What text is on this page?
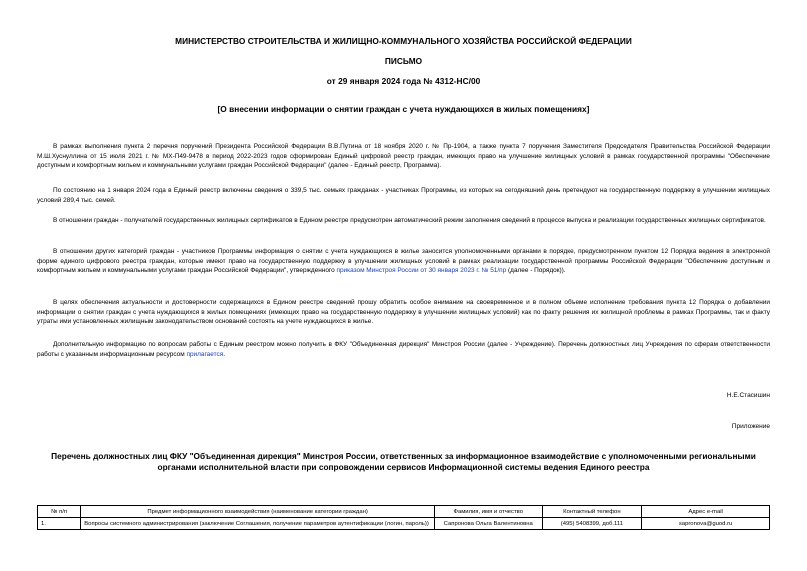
МИНИСТЕРСТВО СТРОИТЕЛЬСТВА И ЖИЛИЩНО-КОММУНАЛЬНОГО ХОЗЯЙСТВА РОССИЙСКОЙ ФЕДЕРАЦИИ
ПИСЬМО
от 29 января 2024 года № 4312-НС/00
[О внесении информации о снятии граждан с учета нуждающихся в жилых помещениях]
В рамках выполнения пункта 2 перечня поручений Президента Российской Федерации В.В.Путина от 18 ноября 2020 г. № Пр-1904, а также пункта 7 поручения Заместителя Председателя Правительства Российской Федерации М.Ш.Хуснуллина от 15 июля 2021 г. № МХ-П49-9478 в период 2022-2023 годов сформирован Единый цифровой реестр граждан, имеющих право на улучшение жилищных условий в рамках государственной программы "Обеспечение доступным и комфортным жильем и коммунальными услугами граждан Российской Федерации" (далее - Единый реестр, Программа).
По состоянию на 1 января 2024 года в Единый реестр включены сведения о 339,5 тыс. семьях гражданах - участниках Программы, из которых на сегодняшний день претендуют на государственную поддержку в улучшении жилищных условий 289,4 тыс. семей.
В отношении граждан - получателей государственных жилищных сертификатов в Едином реестре предусмотрен автоматический режим заполнения сведений в процессе выпуска и реализации государственных жилищных сертификатов.
В отношении других категорий граждан - участников Программы информация о снятии с учета нуждающихся в жилье заносится уполномоченными органами в порядке, предусмотренном пунктом 12 Порядка ведения в электронной форме единого цифрового реестра граждан, которые имеют право на государственную поддержку в улучшении жилищных условий в рамках реализации государственной программы Российской Федерации "Обеспечение доступным и комфортным жильем и коммунальными услугами граждан Российской Федерации", утвержденного приказом Минстроя России от 30 января 2023 г. № 51/пр (далее - Порядок)).
В целях обеспечения актуальности и достоверности содержащихся в Едином реестре сведений прошу обратить особое внимание на своевременное и в полном объеме исполнение требования пункта 12 Порядка о добавлении информации о снятии граждан с учета нуждающихся в жилых помещениях (имеющих право на государственную поддержку в улучшении жилищных условий) как по факту решения их жилищной проблемы в рамках Программы, так и факту утраты ими установленных жилищным законодательством оснований состоять на учете нуждающихся в жилье.
Дополнительную информацию по вопросам работы с Единым реестром можно получить в ФКУ "Объединенная дирекция" Минстроя России (далее - Учреждение). Перечень должностных лиц Учреждения по сферам ответственности работы с указанным информационным ресурсом прилагается.
Н.Е.Стасишин
Приложение
Перечень должностных лиц ФКУ "Объединенная дирекция" Минстроя России, ответственных за информационное взаимодействие с уполномоченными региональными органами исполнительной власти при сопровождении сервисов Информационной системы ведения Единого реестра
№ п/п	Предмет информационного взаимодействия (наименование категории граждан)	Фамилия, имя и отчество	Контактный телефон	Адрес e-mail
1.	Вопросы системного администрирования (заключение Соглашения, получение параметров аутентификации (логин, пароль))	Сапронова Ольга Валентиновна	(495) 5408399, доб.111	sapronova@guod.ru
